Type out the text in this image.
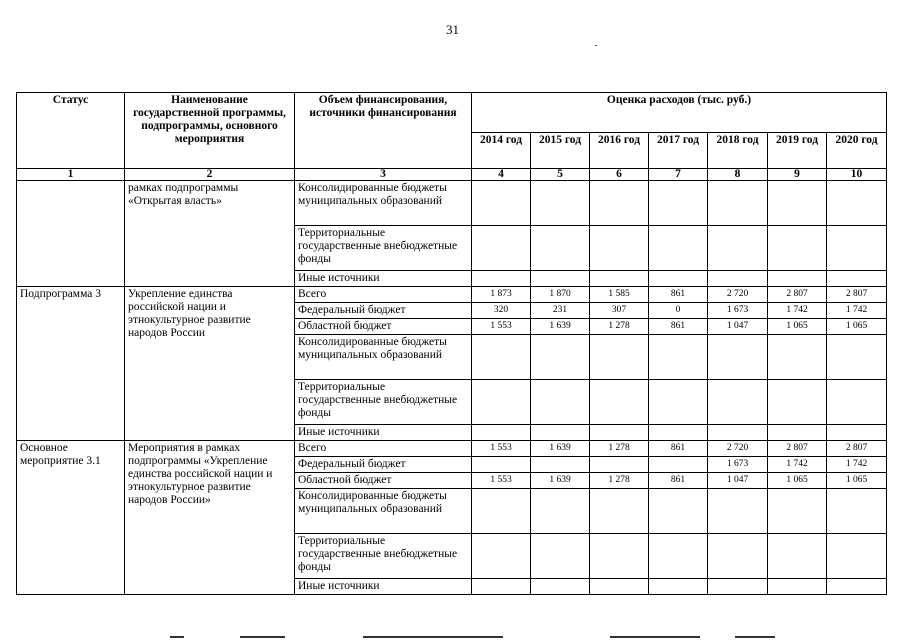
31
Статус	Наименование государственной программы, подпрограммы, основного мероприятия	Объем финансирования, источники финансирования	Оценка расходов (тыс. руб.)						
			2014 год	2015 год	2016 год	2017 год	2018 год	2019 год	2020 год
1	2	3	4	5	6	7	8	9	10
	рамках подпрограммы «Открытая власть»	Консолидированные бюджеты муниципальных образований							
		Территориальные государственные внебюджетные фонды							
		Иные источники							
Подпрограмма 3	Укрепление единства российской нации и этнокультурное развитие народов России	Всего	1 873	1 870	1 585	861	2 720	2 807	2 807
		Федеральный бюджет	320	231	307	0	1 673	1 742	1 742
		Областной бюджет	1 553	1 639	1 278	861	1 047	1 065	1 065
		Консолидированные бюджеты муниципальных образований							
		Территориальные государственные внебюджетные фонды							
		Иные источники							
Основное мероприятие 3.1	Мероприятия в рамках подпрограммы «Укрепление единства российской нации и этнокультурное развитие народов России»	Всего	1 553	1 639	1 278	861	2 720	2 807	2 807
		Федеральный бюджет					1 673	1 742	1 742
		Областной бюджет	1 553	1 639	1 278	861	1 047	1 065	1 065
		Консолидированные бюджеты муниципальных образований							
		Территориальные государственные внебюджетные фонды							
		Иные источники							
